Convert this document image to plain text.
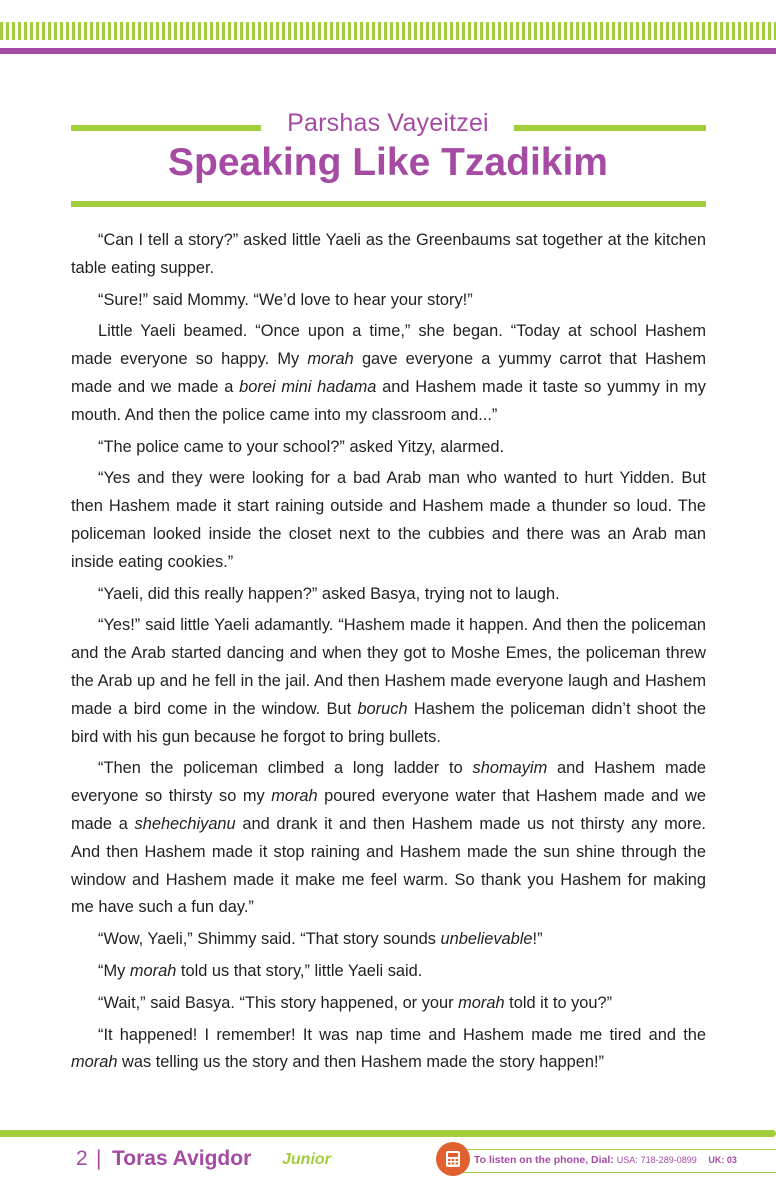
Parshas Vayeitzei
Speaking Like Tzadikim

“Can I tell a story?” asked little Yaeli as the Greenbaums sat together at the kitchen table eating supper.

“Sure!” said Mommy. “We’d love to hear your story!”

Little Yaeli beamed. “Once upon a time,” she began. “Today at school Hashem made everyone so happy. My morah gave everyone a yummy carrot that Hashem made and we made a borei mini hadama and Hashem made it taste so yummy in my mouth. And then the police came into my classroom and...”

“The police came to your school?” asked Yitzy, alarmed.

“Yes and they were looking for a bad Arab man who wanted to hurt Yidden. But then Hashem made it start raining outside and Hashem made a thunder so loud. The policeman looked inside the closet next to the cubbies and there was an Arab man inside eating cookies.”

“Yaeli, did this really happen?” asked Basya, trying not to laugh.

“Yes!” said little Yaeli adamantly. “Hashem made it happen. And then the policeman and the Arab started dancing and when they got to Moshe Emes, the policeman threw the Arab up and he fell in the jail. And then Hashem made everyone laugh and Hashem made a bird come in the window. But boruch Hashem the policeman didn’t shoot the bird with his gun because he forgot to bring bullets.

“Then the policeman climbed a long ladder to shomayim and Hashem made everyone so thirsty so my morah poured everyone water that Hashem made and we made a shehechiyanu and drank it and then Hashem made us not thirsty any more. And then Hashem made it stop raining and Hashem made the sun shine through the window and Hashem made it make me feel warm. So thank you Hashem for making me have such a fun day.”

“Wow, Yaeli,” Shimmy said. “That story sounds unbelievable!”

“My morah told us that story,” little Yaeli said.

“Wait,” said Basya. “This story happened, or your morah told it to you?”

“It happened! I remember! It was nap time and Hashem made me tired and the morah was telling us the story and then Hashem made the story happen!”

2 | Toras Avigdor Junior	To listen on the phone, Dial: USA: 718-289-0899 UK: 03
